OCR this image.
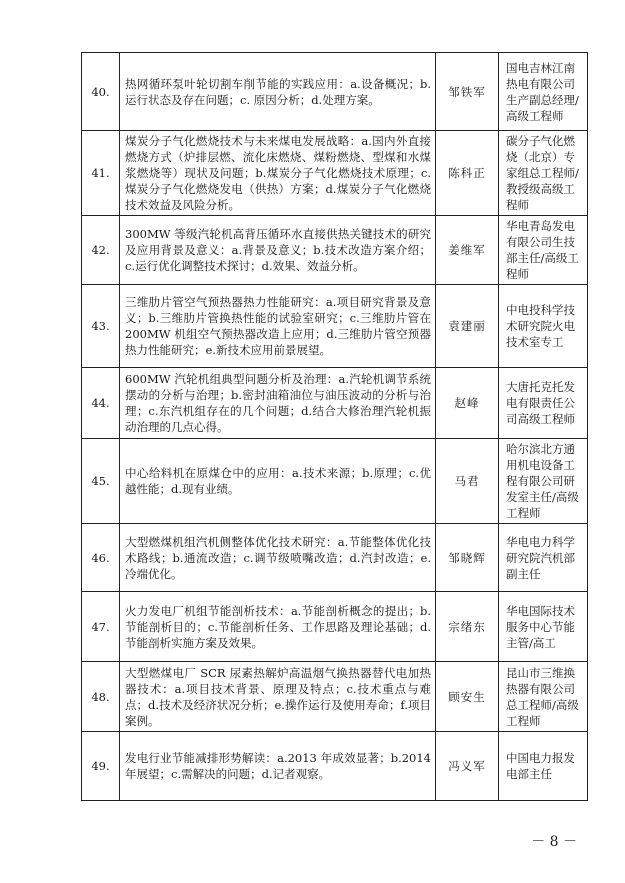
40.	热网循环泵叶轮切割车削节能的实践应用：a.设备概况；b.运行状态及存在问题；c. 原因分析；d.处理方案。	邹铁军	国电吉林江南热电有限公司生产副总经理/高级工程师
41.	煤炭分子气化燃烧技术与未来煤电发展战略：a.国内外直接燃烧方式（炉排层燃、流化床燃烧、煤粉燃烧、型煤和水煤浆燃烧等）现状及问题；b.煤炭分子气化燃烧技术原理；c.煤炭分子气化燃烧发电（供热）方案；d.煤炭分子气化燃烧技术效益及风险分析。	陈科正	碳分子气化燃烧（北京）专家组总工程师/教授级高级工程师
42.	300MW 等级汽轮机高背压循环水直接供热关键技术的研究及应用背景及意义：a.背景及意义；b.技术改造方案介绍；c.运行优化调整技术探讨；d.效果、效益分析。	姜维军	华电青岛发电有限公司生技部主任/高级工程师
43.	三维肋片管空气预热器热力性能研究：a.项目研究背景及意义；b.三维肋片管换热性能的试验室研究；c.三维肋片管在 200MW 机组空气预热器改造上应用；d.三维肋片管空预器热力性能研究；e.新技术应用前景展望。	袁建丽	中电投科学技术研究院火电技术室专工
44.	600MW 汽轮机组典型问题分析及治理：a.汽轮机调节系统摆动的分析与治理；b.密封油箱油位与油压波动的分析与治理；c.东汽机组存在的几个问题；d.结合大修治理汽轮机振动治理的几点心得。	赵峰	大唐托克托发电有限责任公司高级工程师
45.	中心给料机在原煤仓中的应用：a.技术来源；b.原理；c.优越性能；d.现有业绩。	马君	哈尔滨北方通用机电设备工程有限公司研发室主任/高级工程师
46.	大型燃煤机组汽机侧整体优化技术研究：a.节能整体优化技术路线；b.通流改造；c.调节级喷嘴改造；d.汽封改造；e.冷端优化。	邹晓辉	华电电力科学研究院汽机部副主任
47.	火力发电厂机组节能剖析技术：a.节能剖析概念的提出；b.节能剖析目的；c.节能剖析任务、工作思路及理论基础；d.节能剖析实施方案及效果。	宗绪东	华电国际技术服务中心节能主管/高工
48.	大型燃煤电厂 SCR 尿素热解炉高温烟气换热器替代电加热器技术：a.项目技术背景、原理及特点；c.技术重点与难点；d.技术及经济状况分析；e.操作运行及使用寿命；f.项目案例。	顾安生	昆山市三维换热器有限公司总工程师/高级工程师
49.	发电行业节能减排形势解读：a.2013 年成效显著；b.2014 年展望；c.需解决的问题；d.记者观察。	冯义军	中国电力报发电部主任
－ 8 －
